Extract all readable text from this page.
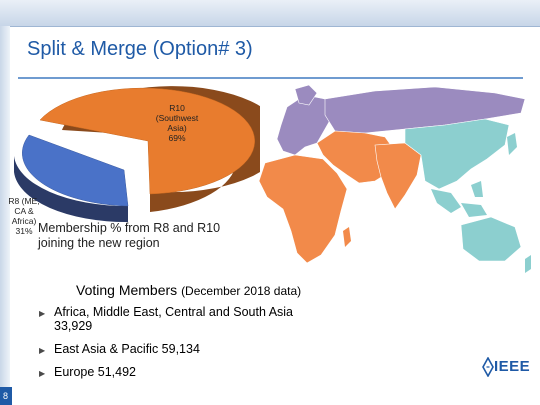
Split & Merge (Option# 3)
R10
(Southwest
Asia)
69%
R8 (ME,
CA &
Africa)
31% Membership % from R8 and R10
joining the new region
Voting Members (December 2018 data)
▶ Africa, Middle East, Central and South Asia
33,929
▶ East Asia & Pacific 59,134
▶ Europe 51,492
8
IEEE
